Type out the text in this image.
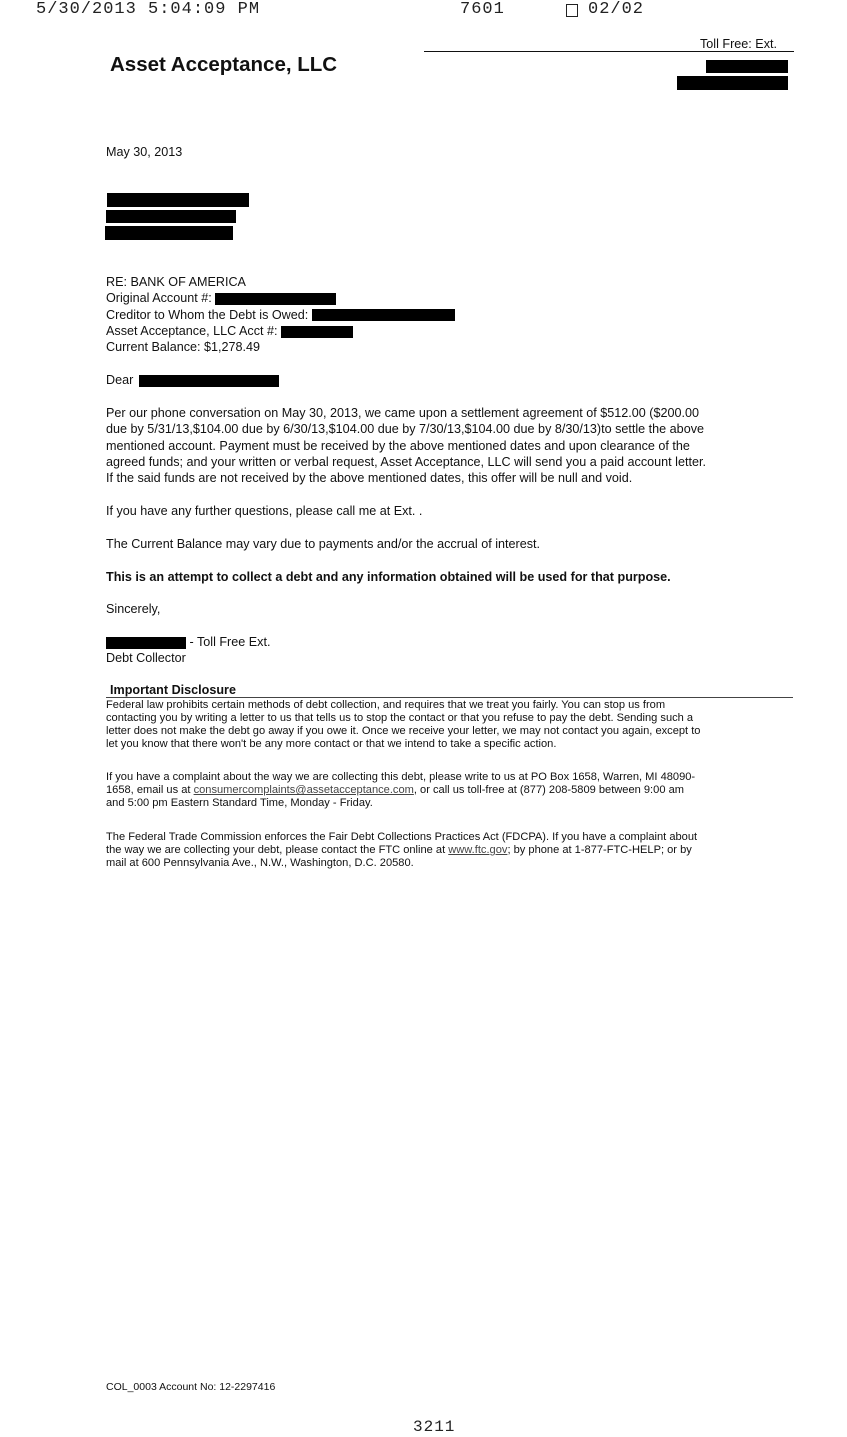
5/30/2013 5:04:09 PM	7601	02/02
Toll Free: Ext.
Asset Acceptance, LLC
May 30, 2013
RE: BANK OF AMERICA
Original Account #:
Creditor to Whom the Debt is Owed:
Asset Acceptance, LLC Acct #:
Current Balance: $1,278.49
Dear
Per our phone conversation on May 30, 2013, we came upon a settlement agreement of $512.00 ($200.00
due by 5/31/13,$104.00 due by 6/30/13,$104.00 due by 7/30/13,$104.00 due by 8/30/13)to settle the above
mentioned account. Payment must be received by the above mentioned dates and upon clearance of the
agreed funds; and your written or verbal request, Asset Acceptance, LLC will send you a paid account letter.
If the said funds are not received by the above mentioned dates, this offer will be null and void.
If you have any further questions, please call me at Ext. .
The Current Balance may vary due to payments and/or the accrual of interest.
This is an attempt to collect a debt and any information obtained will be used for that purpose.
Sincerely,
- Toll Free Ext.
Debt Collector
Important Disclosure
Federal law prohibits certain methods of debt collection, and requires that we treat you fairly. You can stop us from
contacting you by writing a letter to us that tells us to stop the contact or that you refuse to pay the debt. Sending such a
letter does not make the debt go away if you owe it. Once we receive your letter, we may not contact you again, except to
let you know that there won't be any more contact or that we intend to take a specific action.
If you have a complaint about the way we are collecting this debt, please write to us at PO Box 1658, Warren, MI 48090-
1658, email us at consumercomplaints@assetacceptance.com, or call us toll-free at (877) 208-5809 between 9:00 am
and 5:00 pm Eastern Standard Time, Monday - Friday.
The Federal Trade Commission enforces the Fair Debt Collections Practices Act (FDCPA). If you have a complaint about
the way we are collecting your debt, please contact the FTC online at www.ftc.gov; by phone at 1-877-FTC-HELP; or by
mail at 600 Pennsylvania Ave., N.W., Washington, D.C. 20580.
COL_0003 Account No: 12-2297416
3211
